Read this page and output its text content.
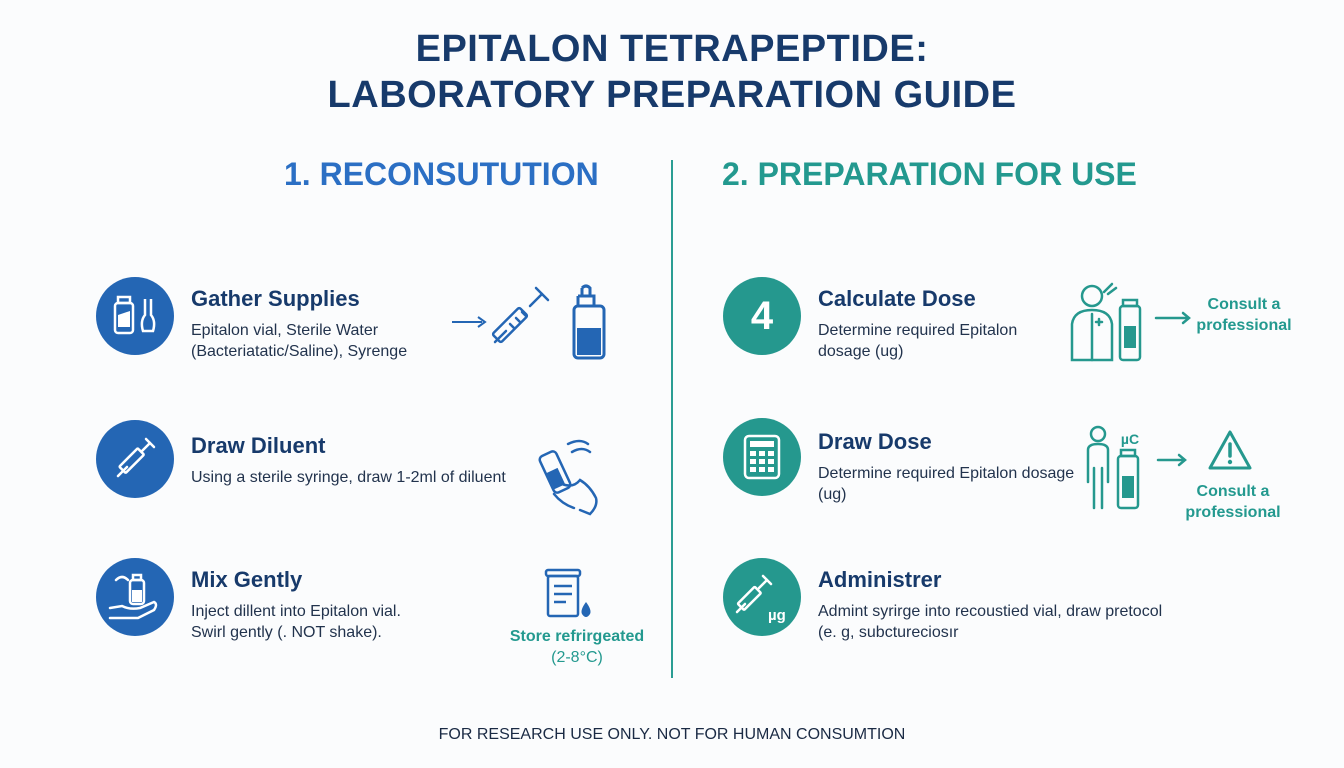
EPITALON TETRAPEPTIDE:
LABORATORY PREPARATION GUIDE
1. RECONSUTUTION	2. PREPARATION FOR USE
Gather Supplies

Epitalon vial, Sterile Water
(Bacteriatatic/Saline), Syrenge

Draw Diluent

Using a sterile syringe, draw 1-2ml of diluent

Mix Gently

Inject dillent into Epitalon vial.
Swirl gently (. NOT shake).	Store refrirgeated
(2-8°C)
4	Calculate Dose

Determine required Epitalon
dosage (ug)

Consult a
professional
Draw Dose

Determine required Epitalon dosage
(ug)

µC
Consult a
professional
µg
Administrer

Admint syrirge into recoustied vial, draw pretocol
(e. g, subctureciosır

FOR RESEARCH USE ONLY. NOT FOR HUMAN CONSUMTION
